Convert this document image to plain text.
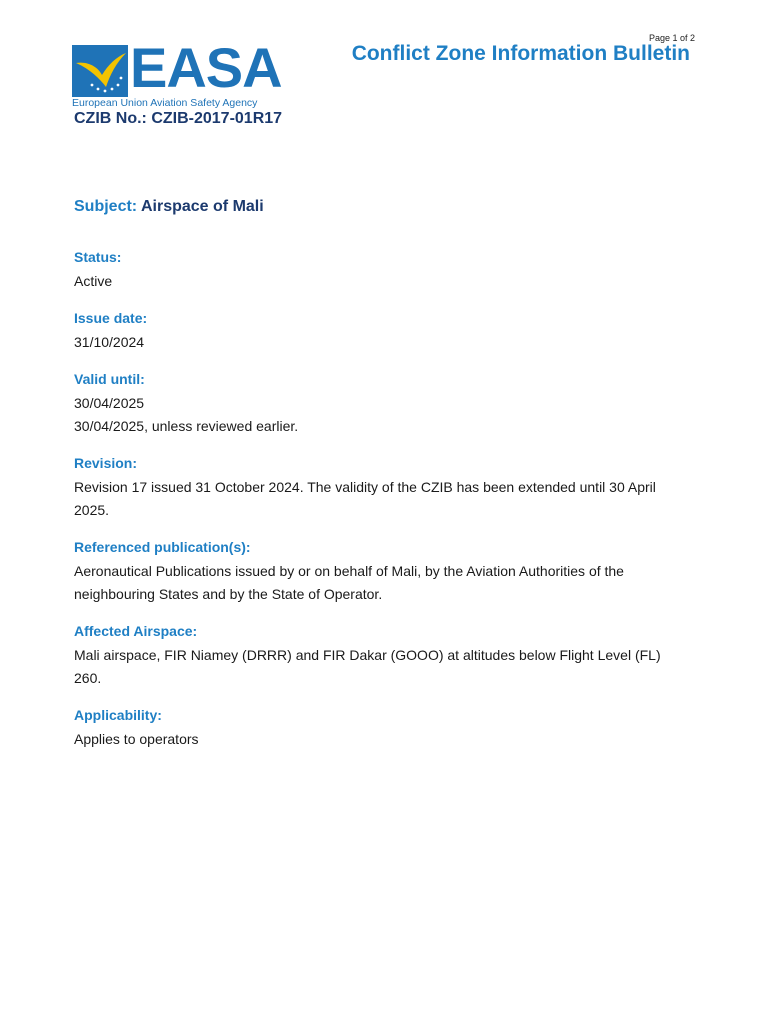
Page 1 of 2
EASA
European Union Aviation Safety Agency
Conflict Zone Information Bulletin
CZIB No.: CZIB-2017-01R17
Subject: Airspace of Mali
Status:
Active
Issue date:
31/10/2024
Valid until:
30/04/2025
30/04/2025, unless reviewed earlier.
Revision:
Revision 17 issued 31 October 2024. The validity of the CZIB has been extended until 30 April
2025.
Referenced publication(s):
Aeronautical Publications issued by or on behalf of Mali, by the Aviation Authorities of the
neighbouring States and by the State of Operator.
Affected Airspace:
Mali airspace, FIR Niamey (DRRR) and FIR Dakar (GOOO) at altitudes below Flight Level (FL)
260.
Applicability:
Applies to operators
